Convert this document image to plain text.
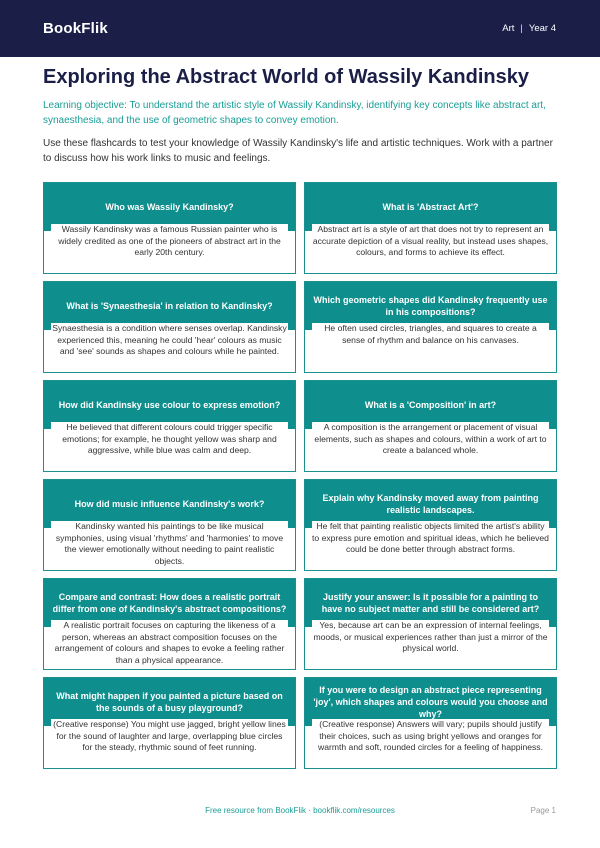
BookFlik	Art | Year 4
Exploring the Abstract World of Wassily Kandinsky

Learning objective: To understand the artistic style of Wassily Kandinsky, identifying key concepts like abstract art, synaesthesia, and the use of geometric shapes to convey emotion.

Use these flashcards to test your knowledge of Wassily Kandinsky's life and artistic techniques. Work with a partner to discuss how his work links to music and feelings.

Who was Wassily Kandinsky?
Wassily Kandinsky was a famous Russian painter who is widely credited as one of the pioneers of abstract art in the early 20th century.
What is 'Abstract Art'?
Abstract art is a style of art that does not try to represent an accurate depiction of a visual reality, but instead uses shapes, colours, and forms to achieve its effect.
What is 'Synaesthesia' in relation to Kandinsky?
Synaesthesia is a condition where senses overlap. Kandinsky experienced this, meaning he could 'hear' colours as music and 'see' sounds as shapes and colours while he painted.
Which geometric shapes did Kandinsky frequently use in his compositions?
He often used circles, triangles, and squares to create a sense of rhythm and balance on his canvases.
How did Kandinsky use colour to express emotion?
He believed that different colours could trigger specific emotions; for example, he thought yellow was sharp and aggressive, while blue was calm and deep.
What is a 'Composition' in art?
A composition is the arrangement or placement of visual elements, such as shapes and colours, within a work of art to create a balanced whole.
How did music influence Kandinsky's work?
Kandinsky wanted his paintings to be like musical symphonies, using visual 'rhythms' and 'harmonies' to move the viewer emotionally without needing to paint realistic objects.
Explain why Kandinsky moved away from painting realistic landscapes.
He felt that painting realistic objects limited the artist's ability to express pure emotion and spiritual ideas, which he believed could be done better through abstract forms.
Compare and contrast: How does a realistic portrait differ from one of Kandinsky's abstract compositions?
A realistic portrait focuses on capturing the likeness of a person, whereas an abstract composition focuses on the arrangement of colours and shapes to evoke a feeling rather than a physical appearance.
Justify your answer: Is it possible for a painting to have no subject matter and still be considered art?
Yes, because art can be an expression of internal feelings, moods, or musical experiences rather than just a mirror of the physical world.
What might happen if you painted a picture based on the sounds of a busy playground?
(Creative response) You might use jagged, bright yellow lines for the sound of laughter and large, overlapping blue circles for the steady, rhythmic sound of feet running.
If you were to design an abstract piece representing 'joy', which shapes and colours would you choose and why?
(Creative response) Answers will vary; pupils should justify their choices, such as using bright yellows and oranges for warmth and soft, rounded circles for a feeling of happiness.
Free resource from BookFlik · bookflik.com/resources	Page 1
